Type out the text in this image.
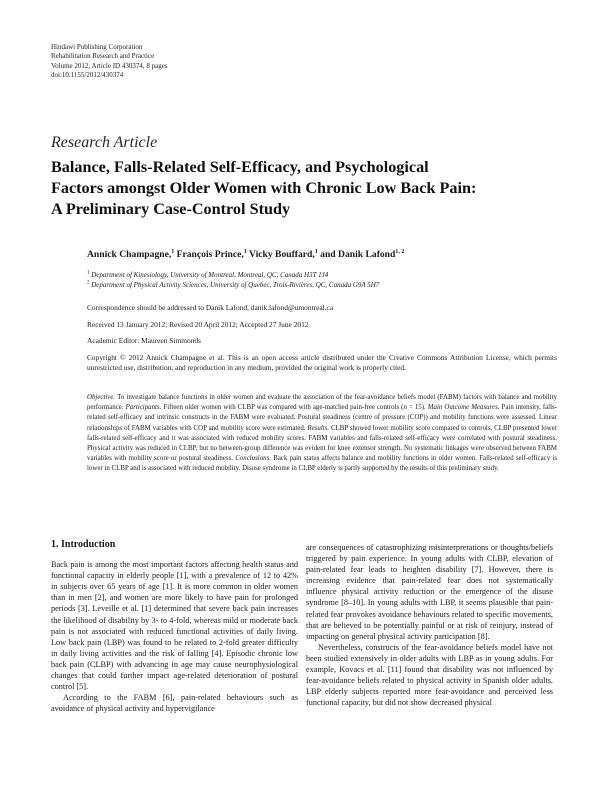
Hindawi Publishing Corporation
Rehabilitation Research and Practice
Volume 2012, Article ID 430374, 8 pages
doi:10.1155/2012/430374
Research Article
Balance, Falls-Related Self-Efficacy, and Psychological
Factors amongst Older Women with Chronic Low Back Pain:
A Preliminary Case-Control Study
Annick Champagne,$^1$ François Prince,$^1$ Vicky Bouffard,$^1$ and Danik Lafond$^{1, 2}$
$^1$ Department of Kinesiology, University of Montreal, Montreal, QC, Canada H3T 1J4
$^2$ Department of Physical Activity Sciences, University of Quebec, Trois-Rivières, QC, Canada G9A 5H7
Correspondence should be addressed to Danik Lafond, danik.lafond@umontreal.ca
Received 13 January 2012; Revised 20 April 2012; Accepted 27 June 2012
Academic Editor: Maureen Simmonds
Copyright © 2012 Annick Champagne et al. This is an open access article distributed under the Creative Commons Attribution License, which permits unrestricted use, distribution, and reproduction in any medium, provided the original work is properly cited.
Objective. To investigate balance functions in older women and evaluate the association of the fear-avoidance beliefs model (FABM) factors with balance and mobility performance. Participants. Fifteen older women with CLBP was compared with age-matched pain-free controls (n = 15). Main Outcome Measures. Pain intensity, falls-related self-efficacy and intrinsic constructs in the FABM were evaluated. Postural steadiness (centre of pressure (COP)) and mobility functions were assessed. Linear relationships of FABM variables with COP and mobility score were estimated. Results. CLBP showed lower mobility score compared to controls. CLBP presented lower falls-related self-efficacy and it was associated with reduced mobility scores. FABM variables and falls-related self-efficacy were correlated with postural steadiness. Physical activity was reduced in CLBP, but no between-group difference was evident for knee extensor strength. No systematic linkages were observed between FABM variables with mobility score or postural steadiness. Conclusions. Back pain status affects balance and mobility functions in older women. Falls-related self-efficacy is lower in CLBP and is associated with reduced mobility. Disuse syndrome in CLBP elderly is partly supported by the results of this preliminary study.
1. Introduction

Back pain is among the most important factors affecting health status and functional capacity in elderly people [1], with a prevalence of 12 to 42% in subjects over 65 years of age [1]. It is more common in older women than in men [2], and women are more likely to have pain for prolonged periods [3]. Leveille et al. [1] determined that severe back pain increases the likelihood of disability by 3- to 4-fold, whereas mild or moderate back pain is not associated with reduced functional activities of daily living. Low back pain (LBP) was found to be related to 2-fold greater difficulty in daily living activities and the risk of falling [4]. Episodic chronic low back pain (CLBP) with advancing in age may cause neurophysiological changes that could further impact age-related deterioration of postural control [5].

According to the FABM [6], pain-related behaviours such as avoidance of physical activity and hypervigilance

are consequences of catastrophizing misinterpretations or thoughts/beliefs triggered by pain experience. In young adults with CLBP, elevation of pain-related fear leads to heighten disability [7]. However, there is increasing evidence that pain-related fear does not systematically influence physical activity reduction or the emergence of the disuse syndrome [8–10]. In young adults with LBP, it seems plausible that pain-related fear provokes avoidance behaviours related to specific movements, that are believed to be potentially painful or at risk of reinjury, instead of impacting on general physical activity participation [8].

Nevertheless, constructs of the fear-avoidance beliefs model have not been studied extensively in older adults with LBP as in young adults. For example, Kovacs et al. [11] found that disability was not influenced by fear-avoidance beliefs related to physical activity in Spanish older adults. LBP elderly subjects reported more fear-avoidance and perceived less functional capacity, but did not show decreased physical
